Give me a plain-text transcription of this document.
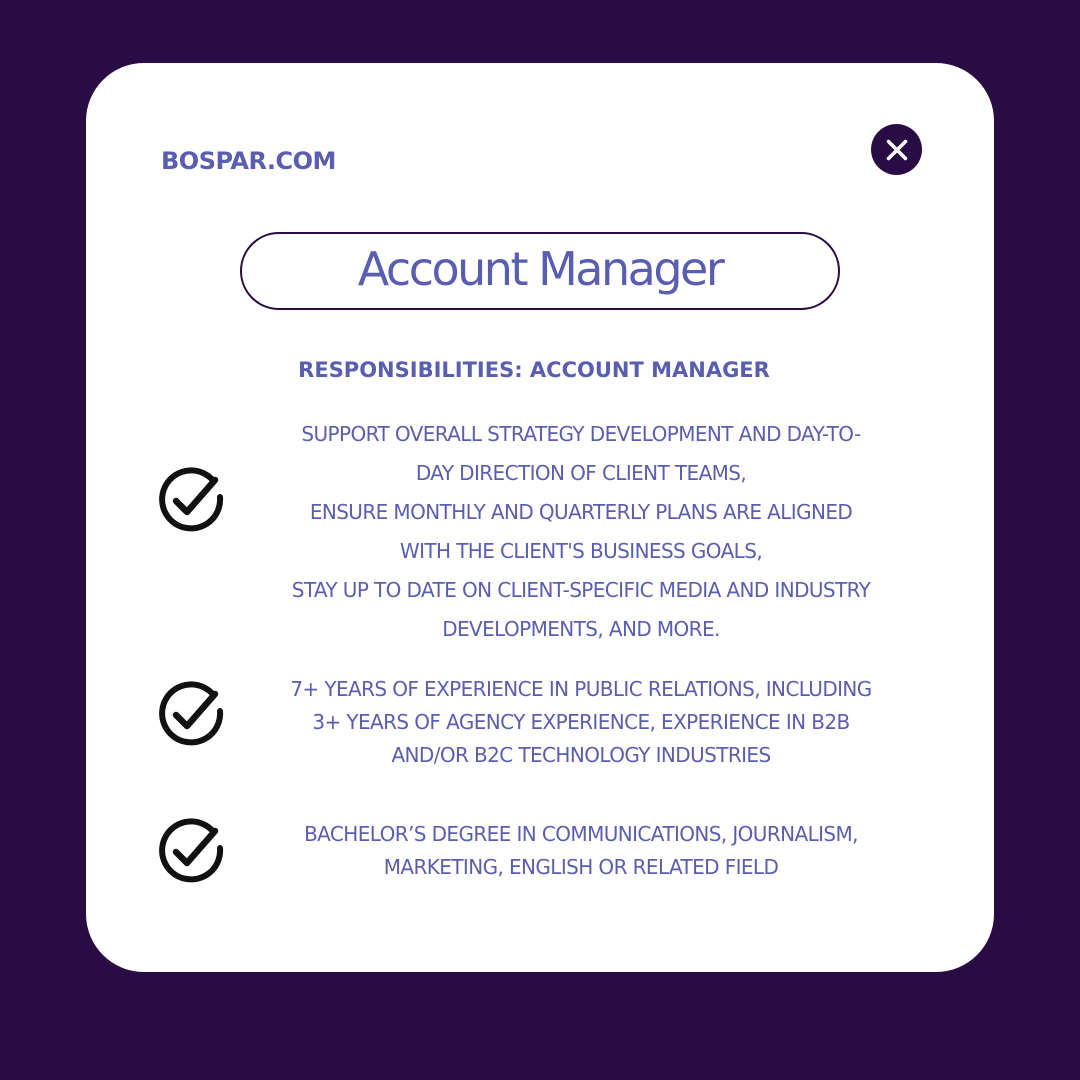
BOSPAR.COM

Account Manager

RESPONSIBILITIES: ACCOUNT MANAGER

SUPPORT OVERALL STRATEGY DEVELOPMENT AND DAY-TO-
DAY DIRECTION OF CLIENT TEAMS,
ENSURE MONTHLY AND QUARTERLY PLANS ARE ALIGNED
WITH THE CLIENT'S BUSINESS GOALS,
STAY UP TO DATE ON CLIENT-SPECIFIC MEDIA AND INDUSTRY
DEVELOPMENTS, AND MORE.

7+ YEARS OF EXPERIENCE IN PUBLIC RELATIONS, INCLUDING
3+ YEARS OF AGENCY EXPERIENCE, EXPERIENCE IN B2B
AND/OR B2C TECHNOLOGY INDUSTRIES

BACHELOR’S DEGREE IN COMMUNICATIONS, JOURNALISM,
MARKETING, ENGLISH OR RELATED FIELD
